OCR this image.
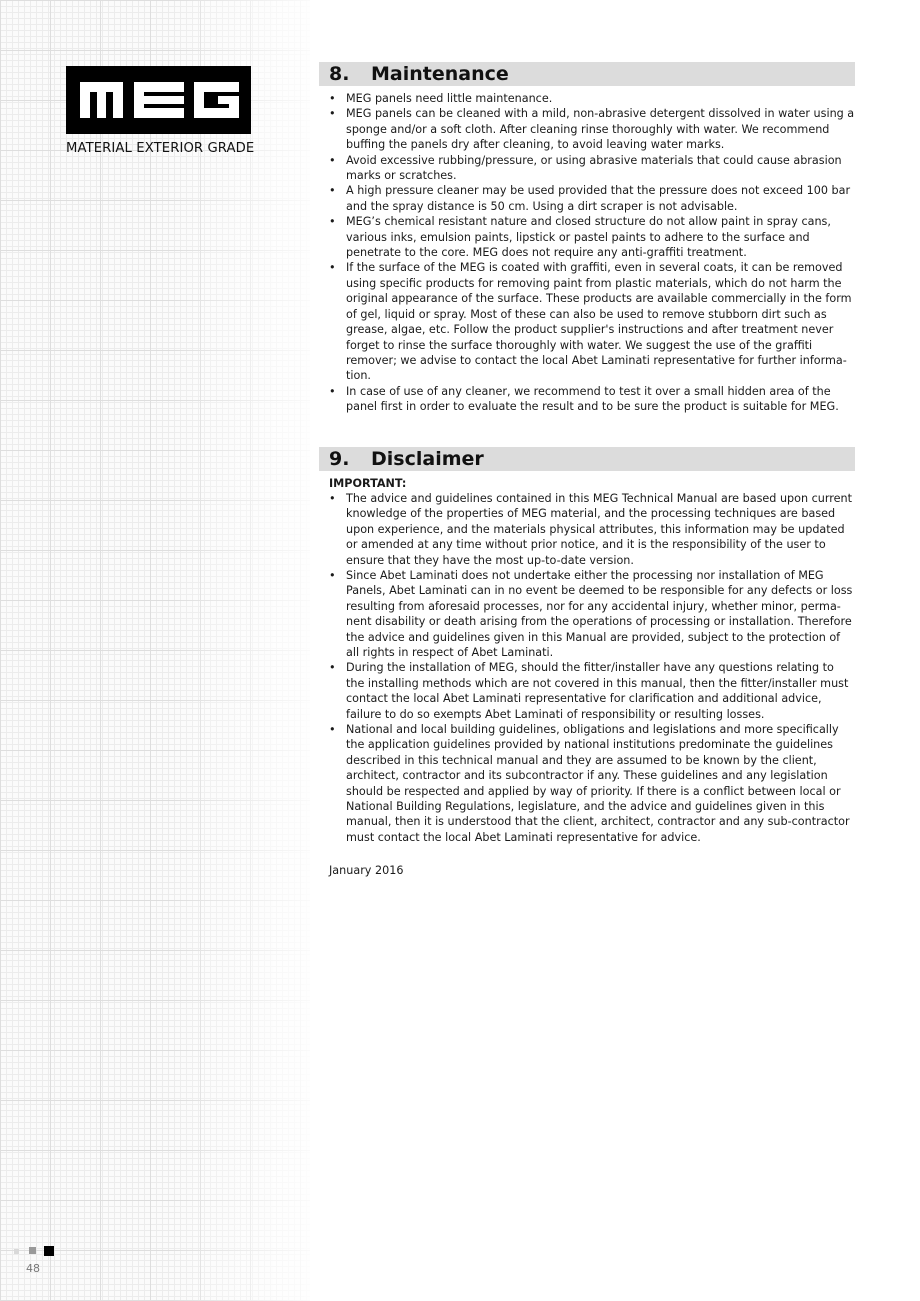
MATERIAL EXTERIOR GRADE
8.	Maintenance
• MEG panels need little maintenance.
• MEG panels can be cleaned with a mild, non-abrasive detergent dissolved in water using a sponge and/or a soft cloth. After cleaning rinse thoroughly with water. We recommend buffing the panels dry after cleaning, to avoid leaving water marks.
• Avoid excessive rubbing/pressure, or using abrasive materials that could cause abrasion marks or scratches.
• A high pressure cleaner may be used provided that the pressure does not exceed 100 bar and the spray distance is 50 cm. Using a dirt scraper is not advisable.
• MEG’s chemical resistant nature and closed structure do not allow paint in spray cans, various inks, emulsion paints, lipstick or pastel paints to adhere to the surface and penetrate to the core. MEG does not require any anti-graffiti treatment.
• If the surface of the MEG is coated with graffiti, even in several coats, it can be removed using specific products for removing paint from plastic materials, which do not harm the original appearance of the surface. These products are available commercially in the form of gel, liquid or spray. Most of these can also be used to remove stubborn dirt such as grease, algae, etc. Follow the product supplier's instructions and after treatment never forget to rinse the surface thoroughly with water. We suggest the use of the graffiti remover; we advise to contact the local Abet Laminati representative for further informa-tion.
• In case of use of any cleaner, we recommend to test it over a small hidden area of the panel first in order to evaluate the result and to be sure the product is suitable for MEG.
9.	Disclaimer
IMPORTANT:
• The advice and guidelines contained in this MEG Technical Manual are based upon current knowledge of the properties of MEG material, and the processing techniques are based upon experience, and the materials physical attributes, this information may be updated or amended at any time without prior notice, and it is the responsibility of the user to ensure that they have the most up-to-date version.
• Since Abet Laminati does not undertake either the processing nor installation of MEG Panels, Abet Laminati can in no event be deemed to be responsible for any defects or loss resulting from aforesaid processes, nor for any accidental injury, whether minor, perma-nent disability or death arising from the operations of processing or installation. Therefore the advice and guidelines given in this Manual are provided, subject to the protection of all rights in respect of Abet Laminati.
• During the installation of MEG, should the fitter/installer have any questions relating to the installing methods which are not covered in this manual, then the fitter/installer must contact the local Abet Laminati representative for clarification and additional advice, failure to do so exempts Abet Laminati of responsibility or resulting losses.
• National and local building guidelines, obligations and legislations and more specifically the application guidelines provided by national institutions predominate the guidelines described in this technical manual and they are assumed to be known by the client, architect, contractor and its subcontractor if any. These guidelines and any legislation should be respected and applied by way of priority. If there is a conflict between local or National Building Regulations, legislature, and the advice and guidelines given in this manual, then it is understood that the client, architect, contractor and any sub-contractor must contact the local Abet Laminati representative for advice.
January 2016
48
